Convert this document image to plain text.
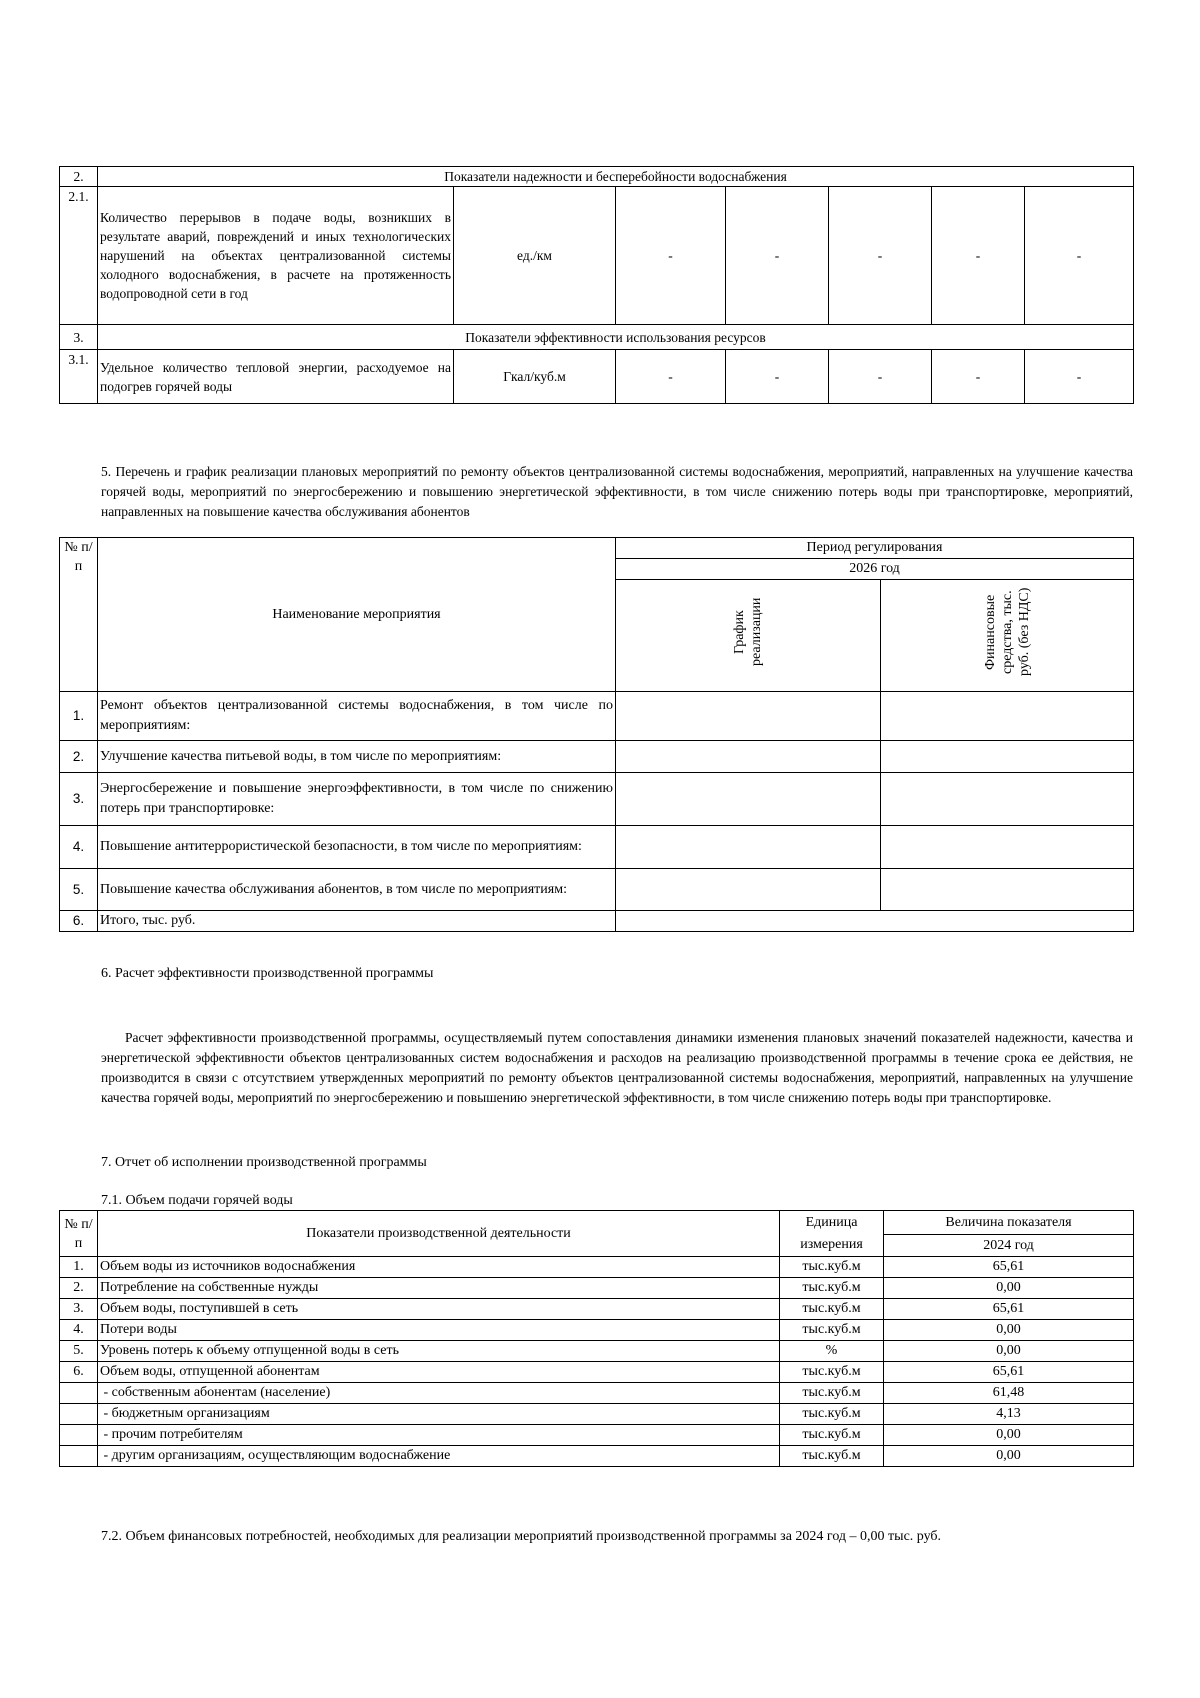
2.	Показатели надежности и бесперебойности водоснабжения						
2.1.	Количество перерывов в подаче воды, возникших в результате аварий, повреждений и иных технологических нарушений на объектах централизованной системы холодного водоснабжения, в расчете на протяженность водопроводной сети в год	ед./км	-	-	-	-	-
3.	Показатели эффективности использования ресурсов						
3.1.	Удельное количество тепловой энергии, расходуемое на подогрев горячей воды	Гкал/куб.м	-	-	-	-	-
5. Перечень и график реализации плановых мероприятий по ремонту объектов централизованной системы водоснабжения, мероприятий, направленных на улучшение качества горячей воды, мероприятий по энергосбережению и повышению энергетической эффективности, в том числе снижению потерь воды при транспортировке, мероприятий, направленных на повышение качества обслуживания абонентов
№ п/п	Наименование мероприятия	Период регулирования	
		2026 год	
		График реализации	Финансовые средства, тыс. руб. (без НДС)
1.	Ремонт объектов централизованной системы водоснабжения, в том числе по мероприятиям:		
2.	Улучшение качества питьевой воды, в том числе по мероприятиям:		
3.	Энергосбережение и повышение энергоэффективности, в том числе по снижению потерь при транспортировке:		
4.	Повышение антитеррористической безопасности, в том числе по мероприятиям:		
5.	Повышение качества обслуживания абонентов, в том числе по мероприятиям:		
6.	Итого, тыс. руб.		
6. Расчет эффективности производственной программы
Расчет эффективности производственной программы, осуществляемый путем сопоставления динамики изменения плановых значений показателей надежности, качества и энергетической эффективности объектов централизованных систем водоснабжения и расходов на реализацию производственной программы в течение срока ее действия, не производится в связи с отсутствием утвержденных мероприятий по ремонту объектов централизованной системы водоснабжения, мероприятий, направленных на улучшение качества горячей воды, мероприятий по энергосбережению и повышению энергетической эффективности, в том числе снижению потерь воды при транспортировке.
7. Отчет об исполнении производственной программы
7.1. Объем подачи горячей воды
№ п/п	Показатели производственной деятельности	Единица измерения	Величина показателя
			2024 год
1.	Объем воды из источников водоснабжения	тыс.куб.м	65,61
2.	Потребление на собственные нужды	тыс.куб.м	0,00
3.	Объем воды, поступившей в сеть	тыс.куб.м	65,61
4.	Потери воды	тыс.куб.м	0,00
5.	Уровень потерь к объему отпущенной воды в сеть	%	0,00
6.	Объем воды, отпущенной абонентам	тыс.куб.м	65,61
	- собственным абонентам (население)	тыс.куб.м	61,48
	- бюджетным организациям	тыс.куб.м	4,13
	- прочим потребителям	тыс.куб.м	0,00
	- другим организациям, осуществляющим водоснабжение	тыс.куб.м	0,00
7.2. Объем финансовых потребностей, необходимых для реализации мероприятий производственной программы за 2024 год – 0,00 тыс. руб.
